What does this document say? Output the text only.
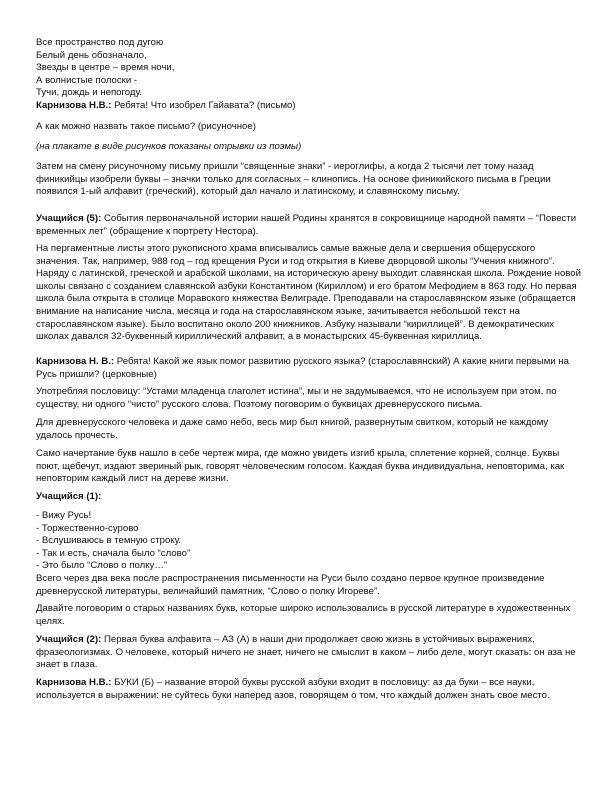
Все пространство под дугою
Белый день обозначало,
Звезды в центре – время ночи,
А волнистые полоски -
Тучи, дождь и непогоду.
Карнизова Н.В.: Ребята! Что изобрел Гайавата? (письмо)
А как можно назвать такое письмо? (рисуночное)
(на плакате в виде рисунков показаны отрывки из поэмы)
Затем на смену рисуночному письму пришли “священные знаки” - иероглифы, а когда 2 тысячи лет тому назад финикийцы изобрели буквы – значки только для согласных – клинопись. На основе финикийского письма в Греции появился 1-ый алфавит (греческий), который дал начало и латинскому, и славянскому письму.
Учащийся (5): События первоначальной истории нашей Родины хранятся в сокровищнице народной памяти – “Повести временных лет” (обращение к портрету Нестора).
На пергаментные листы этого рукописного храма вписывались самые важные дела и свершения общерусского значения. Так, например, 988 год – год крещения Руси и год открытия в Киеве дворцовой школы “Учения книжного”. Наряду с латинской, греческой и арабской школами, на историческую арену выходит славянская школа. Рождение новой школы связано с созданием славянской азбуки Константином (Кириллом) и его братом Мефодием в 863 году. Но первая школа была открыта в столице Моравского княжества Велиграде. Преподавали на старославянском языке (обращается внимание на написание числа, месяца и года на старославянском языке, зачитывается небольшой текст на старославянском языке). Было воспитано около 200 книжников. Азбуку называли “кириллицей”. В демократических школах давался 32-буквенный кириллический алфавит, а в монастырских 45-буквенная кириллица.
Карнизова Н. В.: Ребята! Какой же язык помог развитию русского языка? (старославянский) А какие книги первыми на Русь пришли? (церковные)
Употребляя пословицу: “Устами младенца глаголет истина”, мы и не задумываемся, что не используем при этом, по существу, ни одного “чисто” русского слова. Поэтому поговорим о буквицах древнерусского письма.
Для древнерусского человека и даже само небо, весь мир был книгой, развернутым свитком, который не каждому удалось прочесть.
Само начертание букв нашло в себе чертеж мира, где можно увидеть изгиб крыла, сплетение корней, солнце. Буквы поют, щебечут, издают звериный рык, говорят человеческим голосом. Каждая буква индивидуальна, неповторима, как неповторим каждый лист на дереве жизни.
Учащийся (1):
- Вижу Русь!
- Торжественно-сурово
- Вслушиваюсь в темную строку.
- Так и есть, сначала было “слово”
- Это было “Слово о полку…”
Всего через два века после распространения письменности на Руси было создано первое крупное произведение древнерусской литературы, величайший памятник, “Слово о полку Игореве”.
Давайте поговорим о старых названиях букв, которые широко использовались в русской литературе в художественных целях.
Учащийся (2): Первая буква алфавита – АЗ (А) в наши дни продолжает свою жизнь в устойчивых выражениях, фразеологизмах. О человеке, который ничего не знает, ничего не смыслит в каком – либо деле, могут сказать: он аза не знает в глаза.
Карнизова Н.В.: БУКИ (Б) – название второй буквы русской азбуки входит в пословицу: аз да буки – все науки, используется в выражении: не суйтесь буки наперед азов, говорящем о том, что каждый должен знать свое место.
